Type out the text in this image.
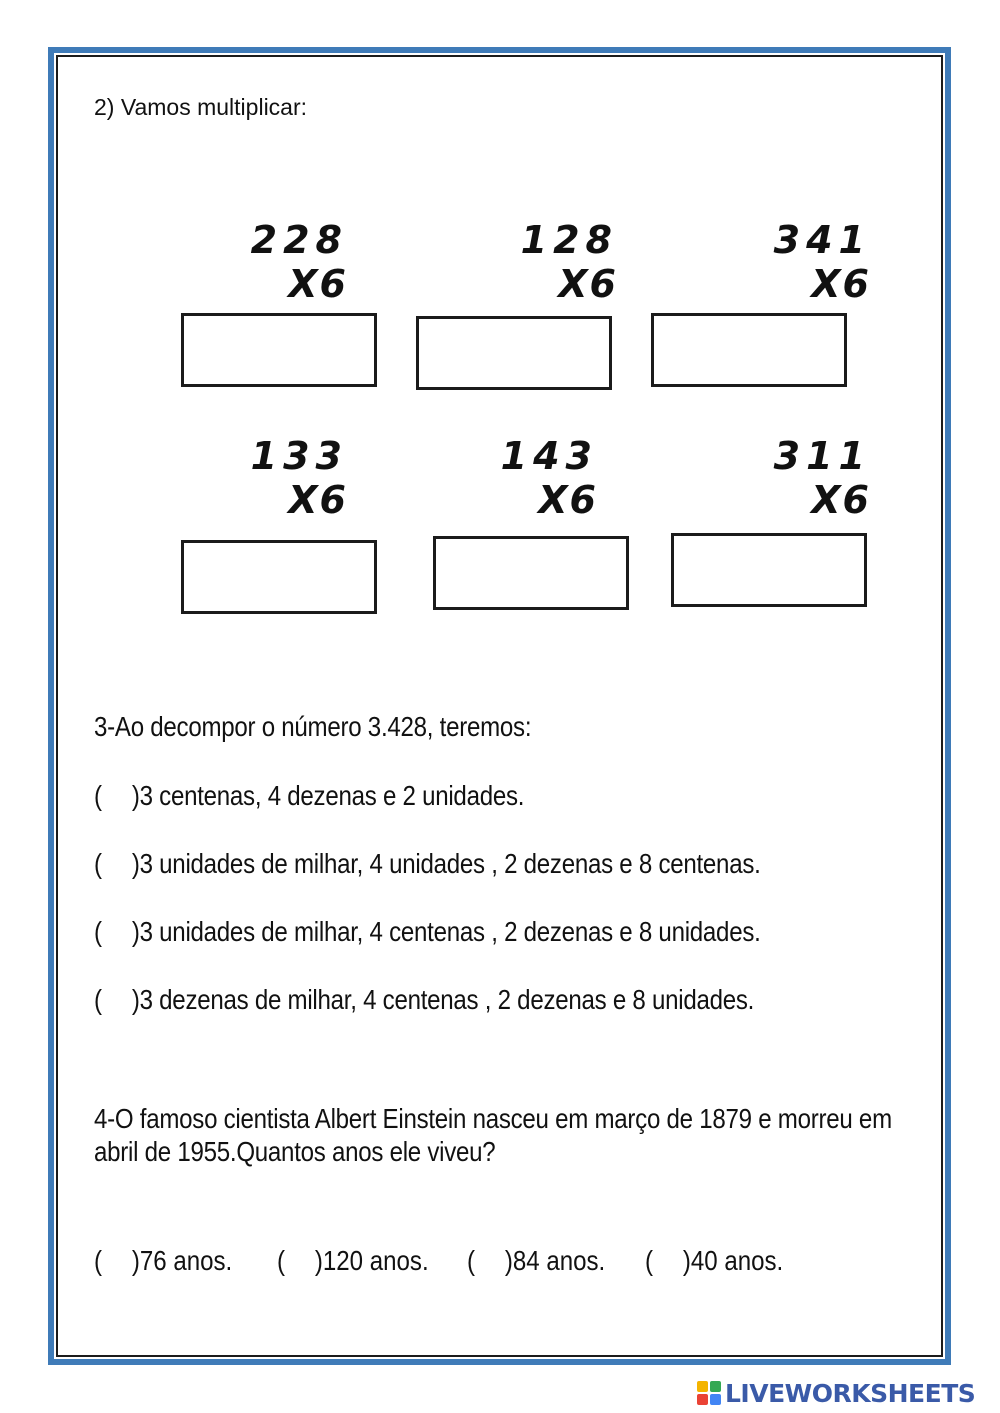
2) Vamos multiplicar:
228
X6
128
X6
341
X6
133
X6
143
X6
311
X6
3-Ao decompor o número 3.428, teremos:
( )3 centenas, 4 dezenas e 2 unidades.
( )3 unidades de milhar, 4 unidades , 2 dezenas e 8 centenas.
( )3 unidades de milhar, 4 centenas , 2 dezenas e 8 unidades.
( )3 dezenas de milhar, 4 centenas , 2 dezenas e 8 unidades.
4-O famoso cientista Albert Einstein nasceu em março de 1879 e morreu em abril de 1955.Quantos anos ele viveu?
( )76 anos. ( )120 anos. ( )84 anos. ( )40 anos.
LIVEWORKSHEETS
